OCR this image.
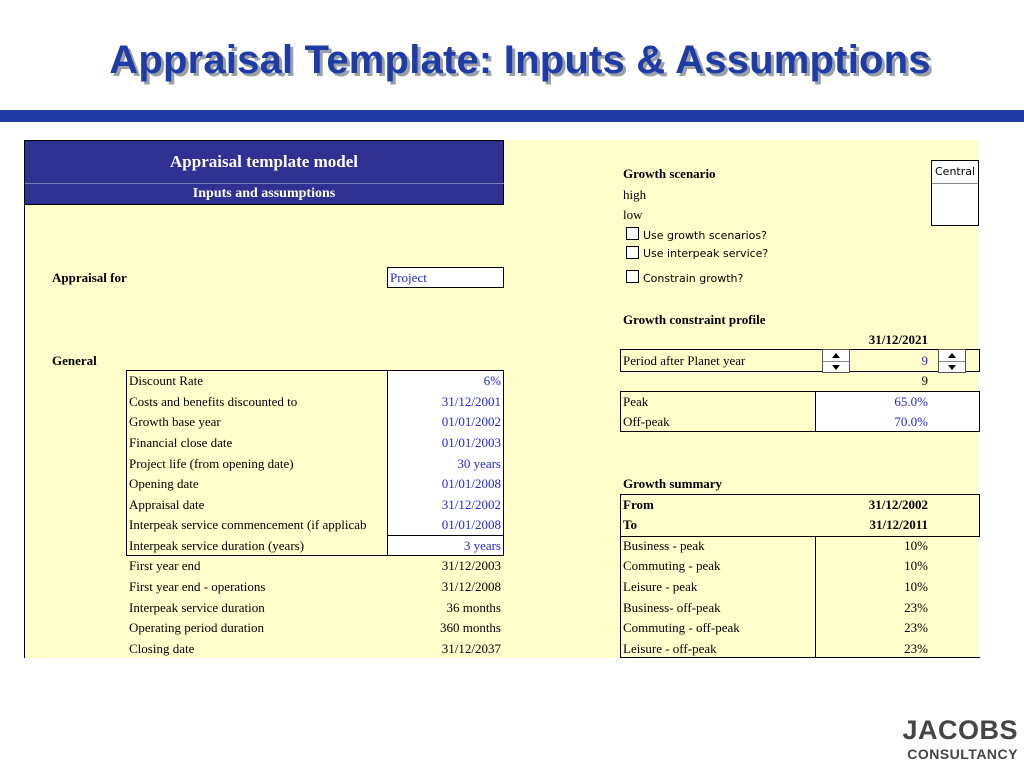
Appraisal Template: Inputs & Assumptions
Appraisal template model
Inputs and assumptions
Appraisal for	Project
General
Discount Rate	6%
Costs and benefits discounted to	31/12/2001
Growth base year	01/01/2002
Financial close date	01/01/2003
Project life (from opening date)	30 years
Opening date	01/01/2008
Appraisal date	31/12/2002
Interpeak service commencement (if applicab	01/01/2008
Interpeak service duration (years)	3 years
First year end	31/12/2003
First year end - operations	31/12/2008
Interpeak service duration	36 months
Operating period duration	360 months
Closing date	31/12/2037
Growth scenario	Central
high
low
Use growth scenarios?
Use interpeak service?
Constrain growth?
Growth constraint profile
31/12/2021
Period after Planet year	9
9
Peak	65.0%
Off-peak	70.0%
Growth summary
From	31/12/2002
To	31/12/2011
Business - peak	10%
Commuting - peak	10%
Leisure - peak	10%
Business- off-peak	23%
Commuting - off-peak	23%
Leisure - off-peak	23%
JACOBS
CONSULTANCY
